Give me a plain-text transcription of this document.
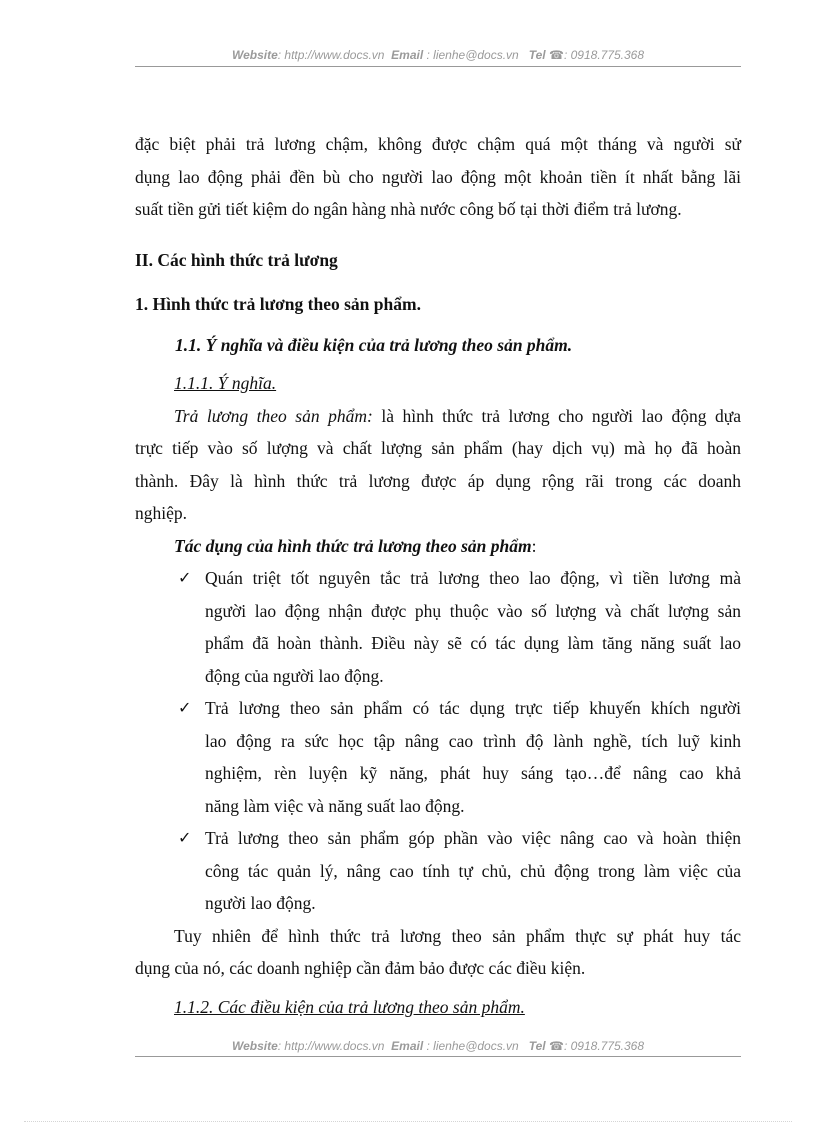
Website: http://www.docs.vn Email : lienhe@docs.vn Tel ☎: 0918.775.368
đặc biệt phải trả lương chậm, không được chậm quá một tháng và người sử
dụng lao động phải đền bù cho người lao động một khoản tiền ít nhất bằng lãi
suất tiền gửi tiết kiệm do ngân hàng nhà nước công bố tại thời điểm trả lương.
II. Các hình thức trả lương
1. Hình thức trả lương theo sản phẩm.
1.1. Ý nghĩa và điều kiện của trả lương theo sản phẩm.
1.1.1. Ý nghĩa.
Trả lương theo sản phẩm: là hình thức trả lương cho người lao động dựa
trực tiếp vào số lượng và chất lượng sản phẩm (hay dịch vụ) mà họ đã hoàn
thành. Đây là hình thức trả lương được áp dụng rộng rãi trong các doanh
nghiệp.
Tác dụng của hình thức trả lương theo sản phẩm:
✓ Quán triệt tốt nguyên tắc trả lương theo lao động, vì tiền lương mà
người lao động nhận được phụ thuộc vào số lượng và chất lượng sản
phẩm đã hoàn thành. Điều này sẽ có tác dụng làm tăng năng suất lao
động của người lao động.
✓ Trả lương theo sản phẩm có tác dụng trực tiếp khuyến khích người
lao động ra sức học tập nâng cao trình độ lành nghề, tích luỹ kinh
nghiệm, rèn luyện kỹ năng, phát huy sáng tạo…để nâng cao khả
năng làm việc và năng suất lao động.
✓ Trả lương theo sản phẩm góp phần vào việc nâng cao và hoàn thiện
công tác quản lý, nâng cao tính tự chủ, chủ động trong làm việc của
người lao động.
Tuy nhiên để hình thức trả lương theo sản phẩm thực sự phát huy tác
dụng của nó, các doanh nghiệp cần đảm bảo được các điều kiện.
1.1.2. Các điều kiện của trả lương theo sản phẩm.
Website: http://www.docs.vn Email : lienhe@docs.vn Tel ☎: 0918.775.368
